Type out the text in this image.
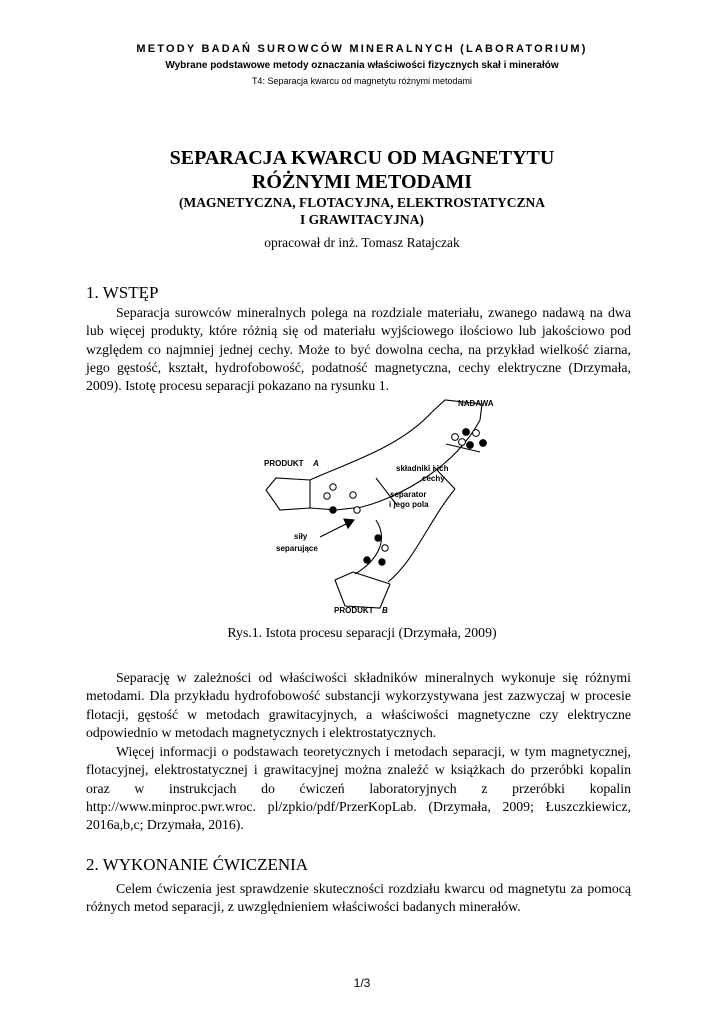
METODY BADAŃ SUROWCÓW MINERALNYCH (LABORATORIUM)
Wybrane podstawowe metody oznaczania właściwości fizycznych skał i minerałów
T4: Separacja kwarcu od magnetytu różnymi metodami
SEPARACJA KWARCU OD MAGNETYTU
RÓŻNYMI METODAMI
(MAGNETYCZNA, FLOTACYJNA, ELEKTROSTATYCZNA
I GRAWITACYJNA)
opracował dr inż. Tomasz Ratajczak
1. WSTĘP

Separacja surowców mineralnych polega na rozdziale materiału, zwanego nadawą na dwa lub więcej produkty, które różnią się od materiału wyjściowego ilościowo lub jakościowo pod względem co najmniej jednej cechy. Może to być dowolna cecha, na przykład wielkość ziarna, jego gęstość, kształt, hydrofobowość, podatność magnetyczna, cechy elektryczne (Drzymała, 2009). Istotę procesu separacji pokazano na rysunku 1.

NADAWA
PRODUKT A
składniki i ich
cechy
separator
i jego pola
siły
separujące
PRODUKT B
Rys.1. Istota procesu separacji (Drzymała, 2009)

Separację w zależności od właściwości składników mineralnych wykonuje się różnymi metodami. Dla przykładu hydrofobowość substancji wykorzystywana jest zazwyczaj w procesie flotacji, gęstość w metodach grawitacyjnych, a właściwości magnetyczne czy elektryczne odpowiednio w metodach magnetycznych i elektrostatycznych.

Więcej informacji o podstawach teoretycznych i metodach separacji, w tym magnetycznej, flotacyjnej, elektrostatycznej i grawitacyjnej można znaleźć w książkach do przeróbki kopalin oraz w instrukcjach do ćwiczeń laboratoryjnych z przeróbki kopalin http://www.minproc.pwr.wroc. pl/zpkio/pdf/PrzerKopLab. (Drzymała, 2009; Łuszczkiewicz, 2016a,b,c; Drzymała, 2016).

2. WYKONANIE ĆWICZENIA

Celem ćwiczenia jest sprawdzenie skuteczności rozdziału kwarcu od magnetytu za pomocą różnych metod separacji, z uwzględnieniem właściwości badanych minerałów.

1/3
